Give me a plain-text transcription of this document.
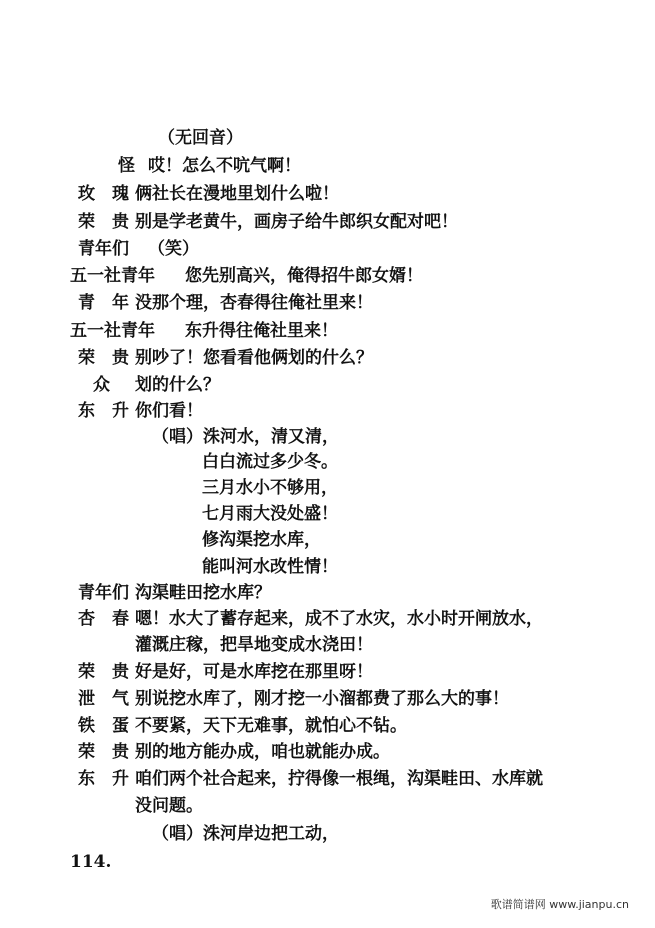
（无回音）
怪 哎！怎么不吭气啊！
玫　瑰 俩社长在漫地里划什么啦！
荣　贵 别是学老黄牛，画房子给牛郎织女配对吧！
青年们 （笑）
五一社青年 您先别高兴，俺得招牛郎女婿！
青　年 没那个理，杏春得往俺社里来！
五一社青年 东升得往俺社里来！
荣　贵 别吵了！您看看他俩划的什么？
众 划的什么？
东　升 你们看！
（唱）洙河水，清又清，
白白流过多少冬。
三月水小不够用，
七月雨大没处盛！
修沟渠挖水库，
能叫河水改性情！
青年们 沟渠畦田挖水库？
杏　春 嗯！水大了蓄存起来，成不了水灾，水小时开闸放水，
灌溉庄稼，把旱地变成水浇田！
荣　贵 好是好，可是水库挖在那里呀！
泄　气 别说挖水库了，刚才挖一小溜都费了那么大的事！
铁　蛋 不要紧，天下无难事，就怕心不钻。
荣　贵 别的地方能办成，咱也就能办成。
东　升 咱们两个社合起来，拧得像一根绳，沟渠畦田、水库就
没问题。
（唱）洙河岸边把工动，
114.
歌谱简谱网 www.jianpu.cn
